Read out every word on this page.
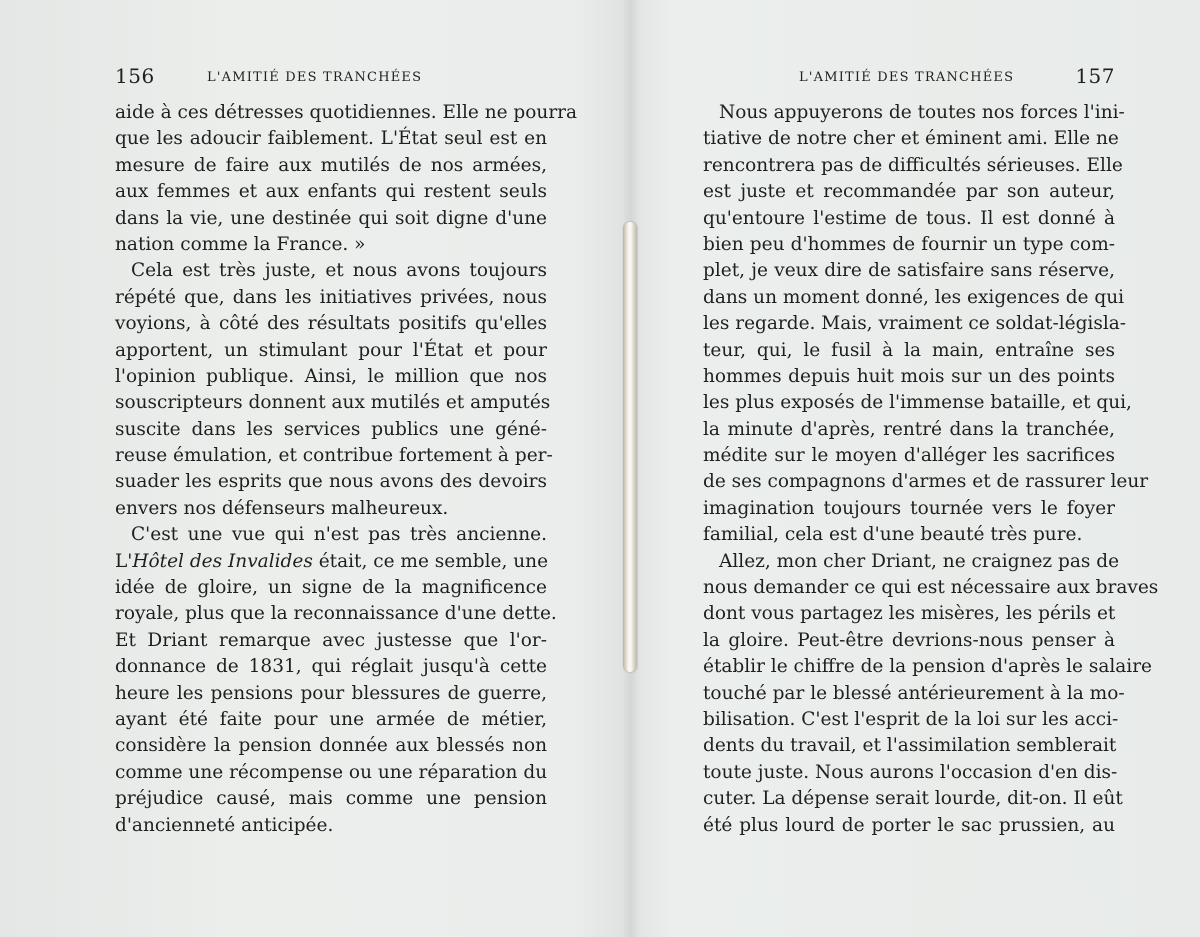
156	L'AMITIÉ DES TRANCHÉES
aide à ces détresses quotidiennes. Elle ne pourra
que les adoucir faiblement. L'État seul est en
mesure de faire aux mutilés de nos armées,
aux femmes et aux enfants qui restent seuls
dans la vie, une destinée qui soit digne d'une
nation comme la France. »
Cela est très juste, et nous avons toujours
répété que, dans les initiatives privées, nous
voyions, à côté des résultats positifs qu'elles
apportent, un stimulant pour l'État et pour
l'opinion publique. Ainsi, le million que nos
souscripteurs donnent aux mutilés et amputés
suscite dans les services publics une géné-
reuse émulation, et contribue fortement à per-
suader les esprits que nous avons des devoirs
envers nos défenseurs malheureux.
C'est une vue qui n'est pas très ancienne.
L'Hôtel des Invalides était, ce me semble, une
idée de gloire, un signe de la magnificence
royale, plus que la reconnaissance d'une dette.
Et Driant remarque avec justesse que l'or-
donnance de 1831, qui réglait jusqu'à cette
heure les pensions pour blessures de guerre,
ayant été faite pour une armée de métier,
considère la pension donnée aux blessés non
comme une récompense ou une réparation du
préjudice causé, mais comme une pension
d'ancienneté anticipée.
L'AMITIÉ DES TRANCHÉES	157
Nous appuyerons de toutes nos forces l'ini-
tiative de notre cher et éminent ami. Elle ne
rencontrera pas de difficultés sérieuses. Elle
est juste et recommandée par son auteur,
qu'entoure l'estime de tous. Il est donné à
bien peu d'hommes de fournir un type com-
plet, je veux dire de satisfaire sans réserve,
dans un moment donné, les exigences de qui
les regarde. Mais, vraiment ce soldat-législa-
teur, qui, le fusil à la main, entraîne ses
hommes depuis huit mois sur un des points
les plus exposés de l'immense bataille, et qui,
la minute d'après, rentré dans la tranchée,
médite sur le moyen d'alléger les sacrifices
de ses compagnons d'armes et de rassurer leur
imagination toujours tournée vers le foyer
familial, cela est d'une beauté très pure.
Allez, mon cher Driant, ne craignez pas de
nous demander ce qui est nécessaire aux braves
dont vous partagez les misères, les périls et
la gloire. Peut-être devrions-nous penser à
établir le chiffre de la pension d'après le salaire
touché par le blessé antérieurement à la mo-
bilisation. C'est l'esprit de la loi sur les acci-
dents du travail, et l'assimilation semblerait
toute juste. Nous aurons l'occasion d'en dis-
cuter. La dépense serait lourde, dit-on. Il eût
été plus lourd de porter le sac prussien, au
